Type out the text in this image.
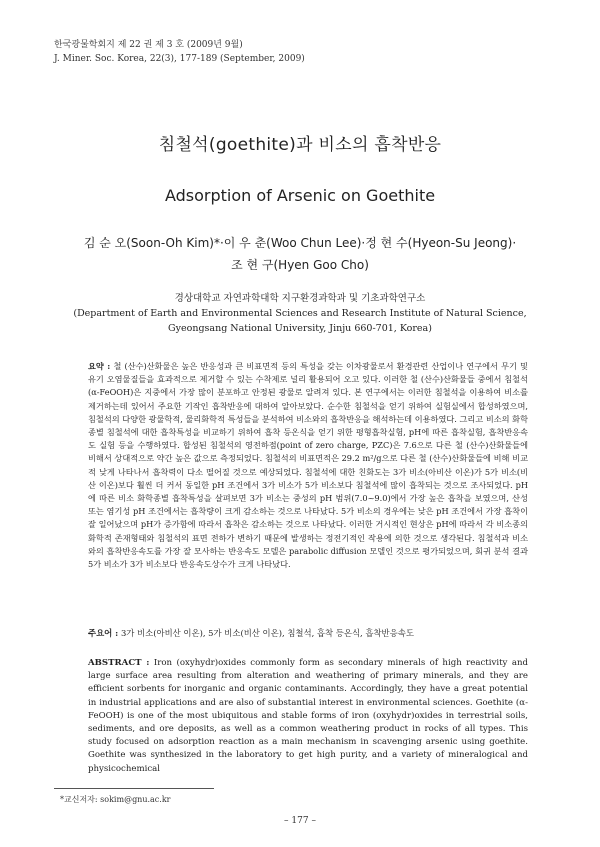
한국광물학회지 제 22 권 제 3 호 (2009년 9월)
J. Miner. Soc. Korea, 22(3), 177-189 (September, 2009)
침철석(goethite)과 비소의 흡착반응
Adsorption of Arsenic on Goethite
김 순 오(Soon-Oh Kim)*·이 우 춘(Woo Chun Lee)·정 현 수(Hyeon-Su Jeong)·
조 현 구(Hyen Goo Cho)
경상대학교 자연과학대학 지구환경과학과 및 기초과학연구소
(Department of Earth and Environmental Sciences and Research Institute of Natural Science,
Gyeongsang National University, Jinju 660-701, Korea)
요약 : 철 (산수)산화물은 높은 반응성과 큰 비표면적 등의 특성을 갖는 이차광물로서 환경관련 산업이나 연구에서 무기 및 유기 오염물질들을 효과적으로 제거할 수 있는 수착제로 널리 활용되어 오고 있다. 이러한 철 (산수)산화물들 중에서 침철석(α-FeOOH)은 지중에서 가장 많이 분포하고 안정된 광물로 알려져 있다. 본 연구에서는 이러한 침철석을 이용하여 비소를 제거하는데 있어서 주요한 기작인 흡착반응에 대하여 알아보았다. 순수한 침철석을 얻기 위하여 실험실에서 합성하였으며, 침철석의 다양한 광물학적, 물리화학적 특성들을 분석하여 비소와의 흡착반응을 해석하는데 이용하였다. 그리고 비소의 화학종별 침철석에 대한 흡착특성을 비교하기 위하여 흡착 등온식을 얻기 위한 평형흡착실험, pH에 따른 흡착실험, 흡착반응속도 실험 등을 수행하였다. 합성된 침철석의 영전하점(point of zero charge, PZC)은 7.6으로 다른 철 (산수)산화물들에 비해서 상대적으로 약간 높은 값으로 측정되었다. 침철석의 비표면적은 29.2 m²/g으로 다른 철 (산수)산화물들에 비해 비교적 낮게 나타나서 흡착력이 다소 떨어질 것으로 예상되었다. 침철석에 대한 친화도는 3가 비소(아비산 이온)가 5가 비소(비산 이온)보다 훨씬 더 커서 동일한 pH 조건에서 3가 비소가 5가 비소보다 침철석에 많이 흡착되는 것으로 조사되었다. pH에 따른 비소 화학종별 흡착특성을 살펴보면 3가 비소는 중성의 pH 범위(7.0~9.0)에서 가장 높은 흡착을 보였으며, 산성 또는 염기성 pH 조건에서는 흡착량이 크게 감소하는 것으로 나타났다. 5가 비소의 경우에는 낮은 pH 조건에서 가장 흡착이 잘 일어났으며 pH가 증가함에 따라서 흡착은 감소하는 것으로 나타났다. 이러한 거시적인 현상은 pH에 따라서 각 비소종의 화학적 존재형태와 침철석의 표면 전하가 변하기 때문에 발생하는 정전기적인 작용에 의한 것으로 생각된다. 침철석과 비소와의 흡착반응속도를 가장 잘 모사하는 반응속도 모델은 parabolic diffusion 모델인 것으로 평가되었으며, 회귀 분석 결과 5가 비소가 3가 비소보다 반응속도상수가 크게 나타났다.
주요어 : 3가 비소(아비산 이온), 5가 비소(비산 이온), 침철석, 흡착 등온식, 흡착반응속도
ABSTRACT : Iron (oxyhydr)oxides commonly form as secondary minerals of high reactivity and large surface area resulting from alteration and weathering of primary minerals, and they are efficient sorbents for inorganic and organic contaminants. Accordingly, they have a great potential in industrial applications and are also of substantial interest in environmental sciences. Goethite (α-FeOOH) is one of the most ubiquitous and stable forms of iron (oxyhydr)oxides in terrestrial soils, sediments, and ore deposits, as well as a common weathering product in rocks of all types. This study focused on adsorption reaction as a main mechanism in scavenging arsenic using goethite. Goethite was synthesized in the laboratory to get high purity, and a variety of mineralogical and physicochemical
*교신저자: sokim@gnu.ac.kr
– 177 –
